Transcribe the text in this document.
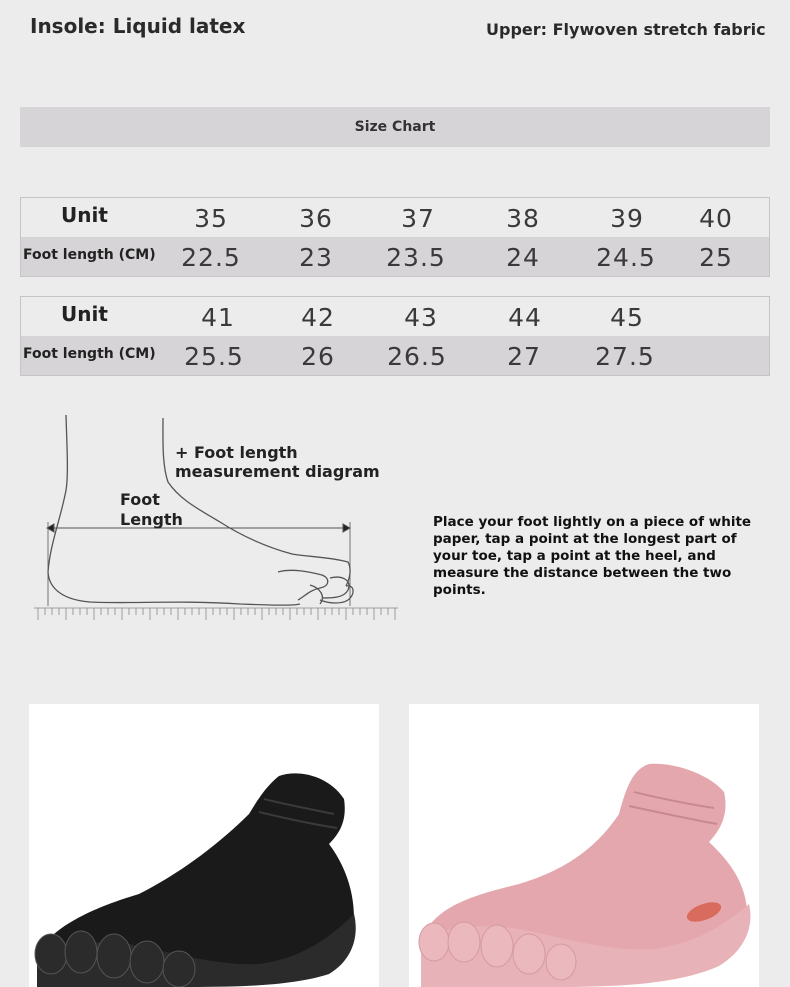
Insole: Liquid latex	Upper: Flywoven stretch fabric
Size Chart
Unit	35	36	37	38	39	40
Foot length (CM)	22.5	23	23.5	24	24.5	25
Unit	41	42	43	44	45
Foot length (CM)	25.5	26	26.5	27	27.5
+ Foot length
measurement diagram
Foot
Length	Place your foot lightly on a piece of white paper, tap a point at the longest part of your toe, tap a point at the heel, and measure the distance between the two points.
